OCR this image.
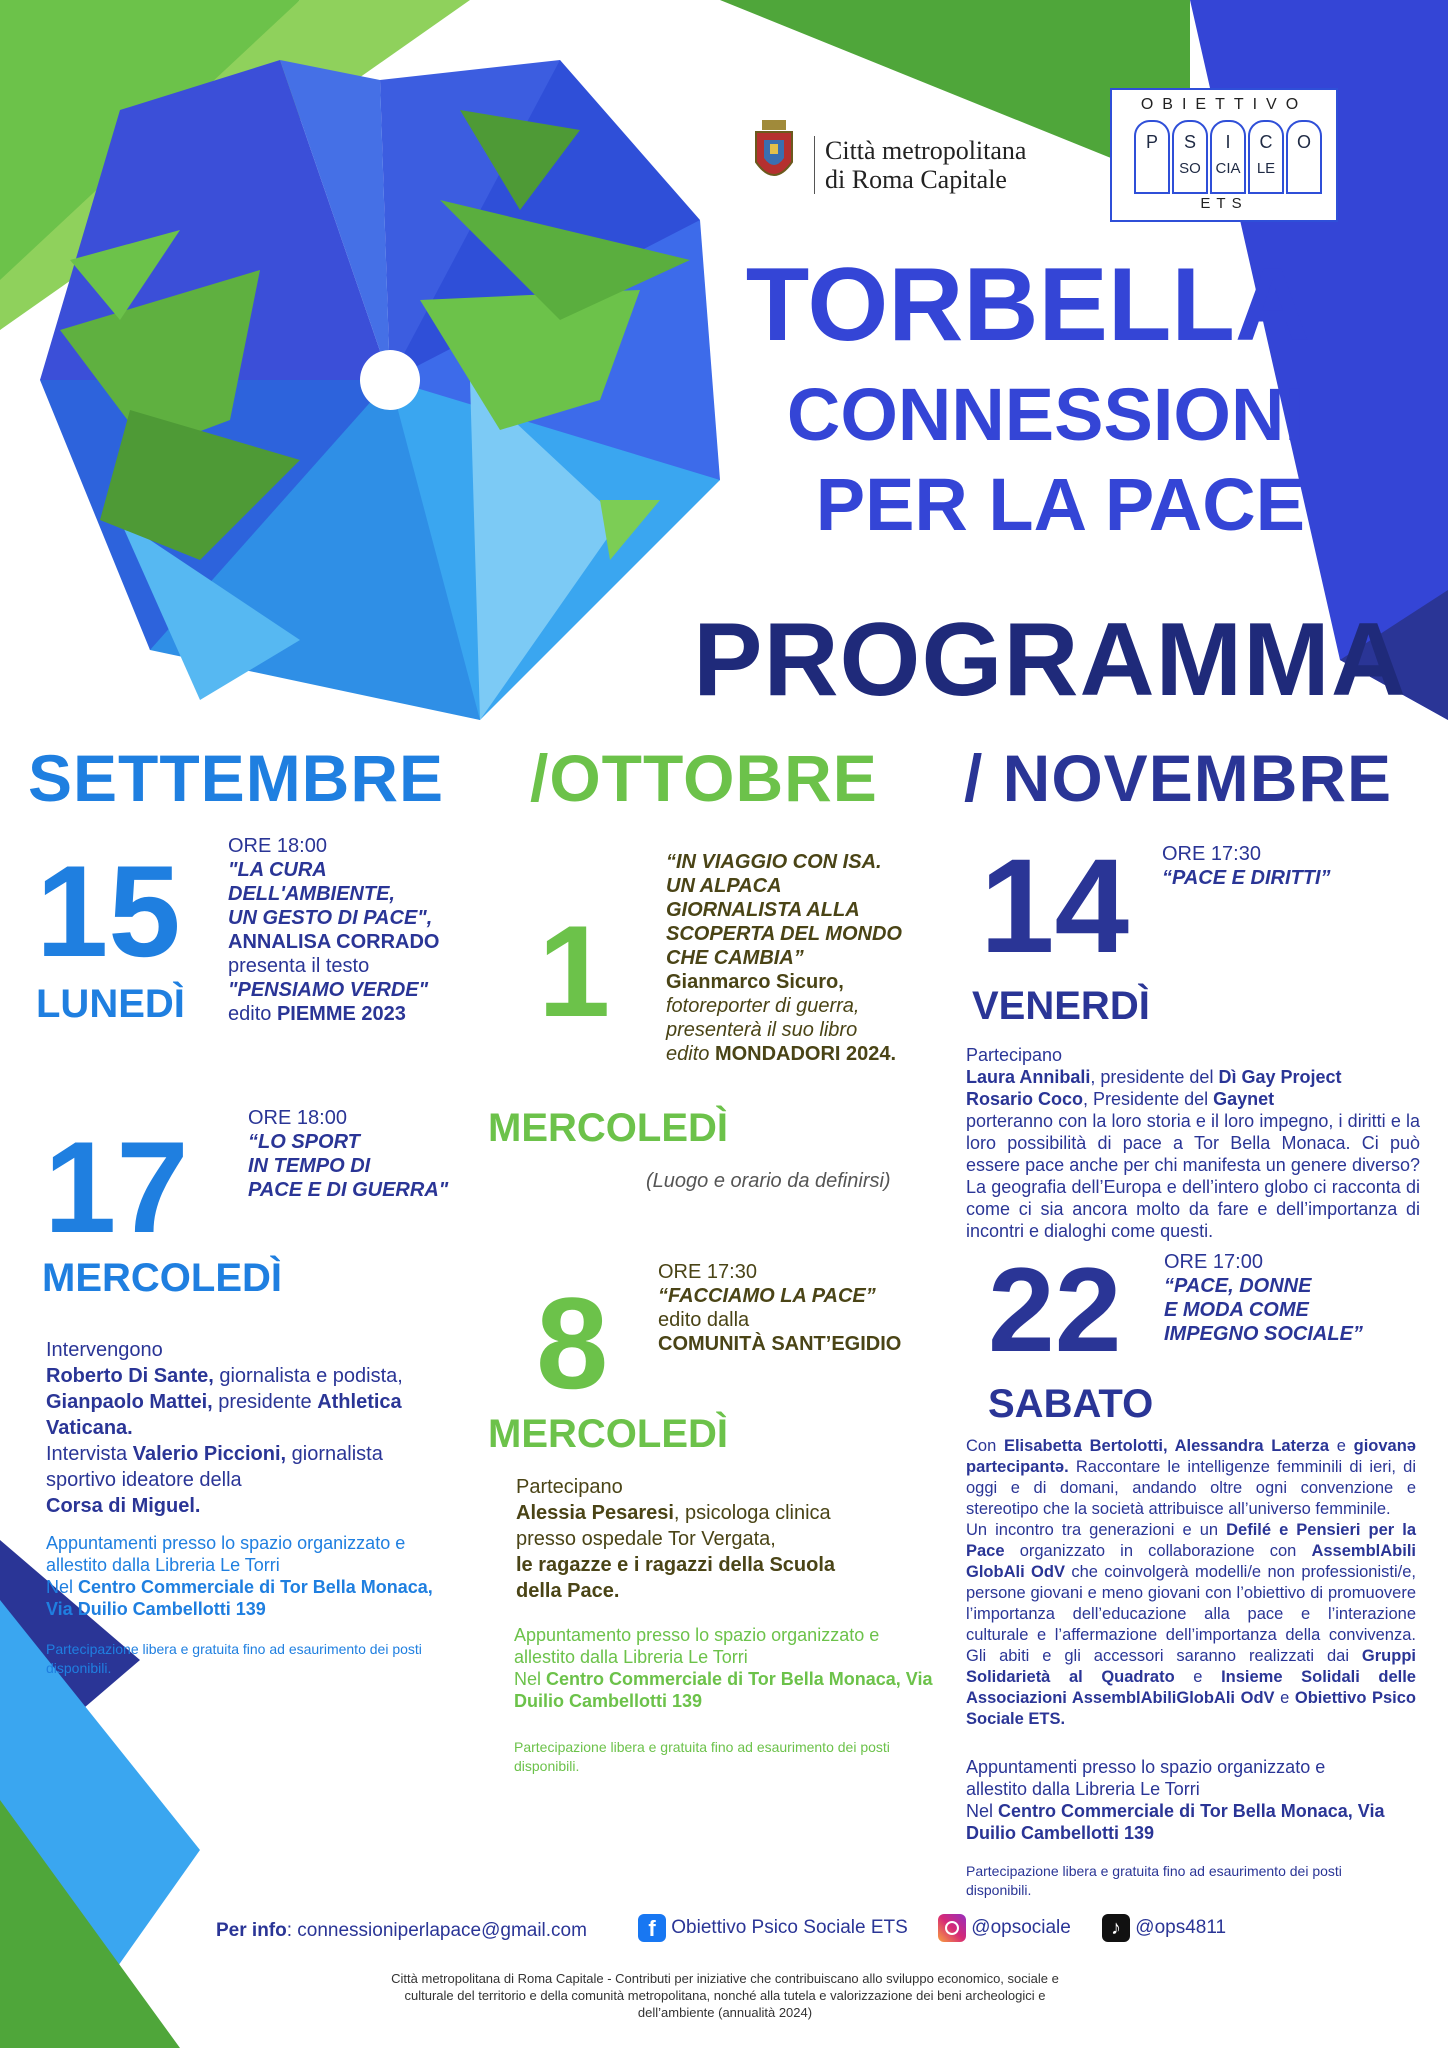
Città metropolitana
di Roma Capitale
OBIETTIVO
P	S	I	C	O
SO CIA	LE
ETS
TORBELLA
CONNESSIONI
PER LA PACE
PROGRAMMA
SETTEMBRE /OTTOBRE / NOVEMBRE
15
LUNEDÌ
ORE 18:00
"LA CURA
DELL'AMBIENTE,
UN GESTO DI PACE",
ANNALISA CORRADO
presenta il testo
"PENSIAMO VERDE"
edito PIEMME 2023
17
MERCOLEDÌ
ORE 18:00
“LO SPORT
IN TEMPO DI
PACE E DI GUERRA"
Intervengono
Roberto Di Sante, giornalista e podista,
Gianpaolo Mattei, presidente Athletica Vaticana.
Intervista Valerio Piccioni, giornalista sportivo ideatore della
Corsa di Miguel.
Appuntamenti presso lo spazio organizzato e allestito dalla Libreria Le Torri
Nel Centro Commerciale di Tor Bella Monaca, Via Duilio Cambellotti 139
Partecipazione libera e gratuita fino ad esaurimento dei posti disponibili.
“IN VIAGGIO CON ISA.
UN ALPACA
GIORNALISTA ALLA
SCOPERTA DEL MONDO
CHE CAMBIA”
Gianmarco Sicuro,
fotoreporter di guerra,
presenterà il suo libro
edito MONDADORI 2024.
1
MERCOLEDÌ
(Luogo e orario da definirsi)
ORE 17:30
“FACCIAMO LA PACE”
edito dalla
COMUNITÀ SANT’EGIDIO
8
MERCOLEDÌ
Partecipano
Alessia Pesaresi, psicologa clinica presso ospedale Tor Vergata,
le ragazze e i ragazzi della Scuola della Pace.
Appuntamento presso lo spazio organizzato e allestito dalla Libreria Le Torri
Nel Centro Commerciale di Tor Bella Monaca, Via Duilio Cambellotti 139
Partecipazione libera e gratuita fino ad esaurimento dei posti disponibili.
14
VENERDÌ
ORE 17:30
“PACE E DIRITTI”
Partecipano
Laura Annibali, presidente del Dì Gay Project
Rosario Coco, Presidente del Gaynet
porteranno con la loro storia e il loro impegno, i diritti e la loro possibilità di pace a Tor Bella Monaca. Ci può essere pace anche per chi manifesta un genere diverso? La geografia dell’Europa e dell’intero globo ci racconta di come ci sia ancora molto da fare e dell’importanza di incontri e dialoghi come questi.
22
SABATO
ORE 17:00
“PACE, DONNE
E MODA COME
IMPEGNO SOCIALE”
Con Elisabetta Bertolotti, Alessandra Laterza e giovanǝ partecipantǝ. Raccontare le intelligenze femminili di ieri, di oggi e di domani, andando oltre ogni convenzione e stereotipo che la società attribuisce all’universo femminile.
Un incontro tra generazioni e un Defilé e Pensieri per la Pace organizzato in collaborazione con AssemblAbili GlobAli OdV che coinvolgerà modelli/e non professionisti/e, persone giovani e meno giovani con l’obiettivo di promuovere l’importanza dell’educazione alla pace e l’interazione culturale e l’affermazione dell’importanza della convivenza. Gli abiti e gli accessori saranno realizzati dai Gruppi Solidarietà al Quadrato e Insieme Solidali delle Associazioni AssemblAbiliGlobAli OdV e Obiettivo Psico Sociale ETS.
Appuntamenti presso lo spazio organizzato e allestito dalla Libreria Le Torri
Nel Centro Commerciale di Tor Bella Monaca, Via Duilio Cambellotti 139
Partecipazione libera e gratuita fino ad esaurimento dei posti disponibili.
Per info: connessioniperlapace@gmail.com	f Obiettivo Psico Sociale ETS	@opsociale	♪ @ops4811
Città metropolitana di Roma Capitale - Contributi per iniziative che contribuiscano allo sviluppo economico, sociale e culturale del territorio e della comunità metropolitana, nonché alla tutela e valorizzazione dei beni archeologici e dell’ambiente (annualità 2024)
